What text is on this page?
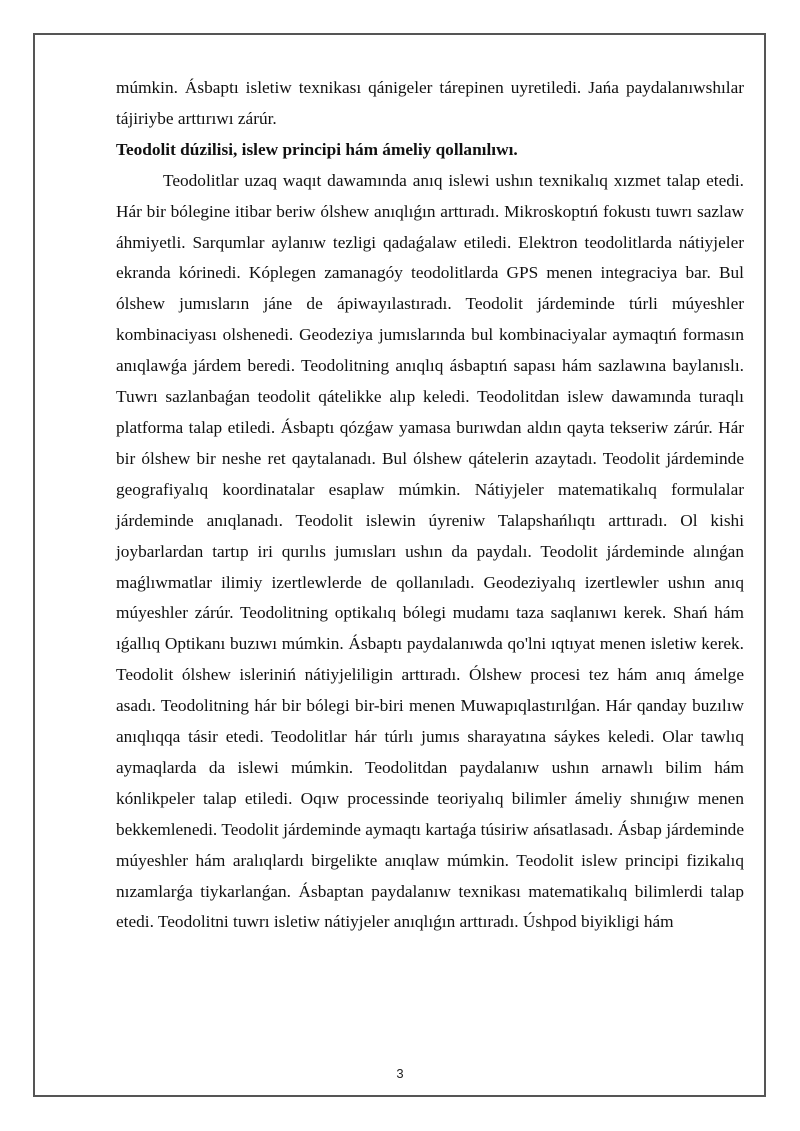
múmkin. Ásbaptı isletiw texnikası qánigeler tárepinen uyretiledi. Jańa paydalanıwshılar tájiriybe arttırıwı zárúr.

Teodolit dúzilisi, islew principi hám ámeliy qollanılıwı.

Teodolitlar uzaq waqıt dawamında anıq islewi ushın texnikalıq xızmet talap etedi. Hár bir bólegine itibar beriw ólshew anıqlıǵın arttıradı. Mikroskoptıń fokustı tuwrı sazlaw áhmiyetli. Sarqumlar aylanıw tezligi qadaǵalaw etiledi. Elektron teodolitlarda nátiyjeler ekranda kórinedi. Kóplegen zamanagóy teodolitlarda GPS menen integraciya bar. Bul ólshew jumısların jáne de ápiwayılastıradı. Teodolit járdeminde túrli múyeshler kombinaciyası olshenedi. Geodeziya jumıslarında bul kombinaciyalar aymaqtıń formasın anıqlawǵa járdem beredi. Teodolitning anıqlıq ásbaptıń sapası hám sazlawına baylanıslı. Tuwrı sazlanbaǵan teodolit qátelikke alıp keledi. Teodolitdan islew dawamında turaqlı platforma talap etiledi. Ásbaptı qózǵaw yamasa burıwdan aldın qayta tekseriw zárúr. Hár bir ólshew bir neshe ret qaytalanadı. Bul ólshew qátelerin azaytadı. Teodolit járdeminde geografiyalıq koordinatalar esaplaw múmkin. Nátiyjeler matematikalıq formulalar járdeminde anıqlanadı. Teodolit islewin úyreniw Talapshańlıqtı arttıradı. Ol kishi joybarlardan tartıp iri qurılıs jumısları ushın da paydalı. Teodolit járdeminde alınǵan maǵlıwmatlar ilimiy izertlewlerde de qollanıladı. Geodeziyalıq izertlewler ushın anıq múyeshler zárúr. Teodolitning optikalıq bólegi mudamı taza saqlanıwı kerek. Shań hám ıǵallıq Optikanı buzıwı múmkin. Ásbaptı paydalanıwda qo'lni ıqtıyat menen isletiw kerek. Teodolit ólshew isleriniń nátiyjeliligin arttıradı. Ólshew procesi tez hám anıq ámelge asadı. Teodolitning hár bir bólegi bir-biri menen Muwapıqlastırılǵan. Hár qanday buzılıw anıqlıqqa tásir etedi. Teodolitlar hár túrlı jumıs sharayatına sáykes keledi. Olar tawlıq aymaqlarda da islewi múmkin. Teodolitdan paydalanıw ushın arnawlı bilim hám kónlikpeler talap etiledi. Oqıw processinde teoriyalıq bilimler ámeliy shınıǵıw menen bekkemlenedi. Teodolit járdeminde aymaqtı kartaǵa túsiriw ańsatlasadı. Ásbap járdeminde múyeshler hám aralıqlardı birgelikte anıqlaw múmkin. Teodolit islew principi fizikalıq nızamlarǵa tiykarlanǵan. Ásbaptan paydalanıw texnikası matematikalıq bilimlerdi talap etedi. Teodolitni tuwrı isletiw nátiyjeler anıqlıǵın arttıradı. Úshpod biyikligi hám

3
